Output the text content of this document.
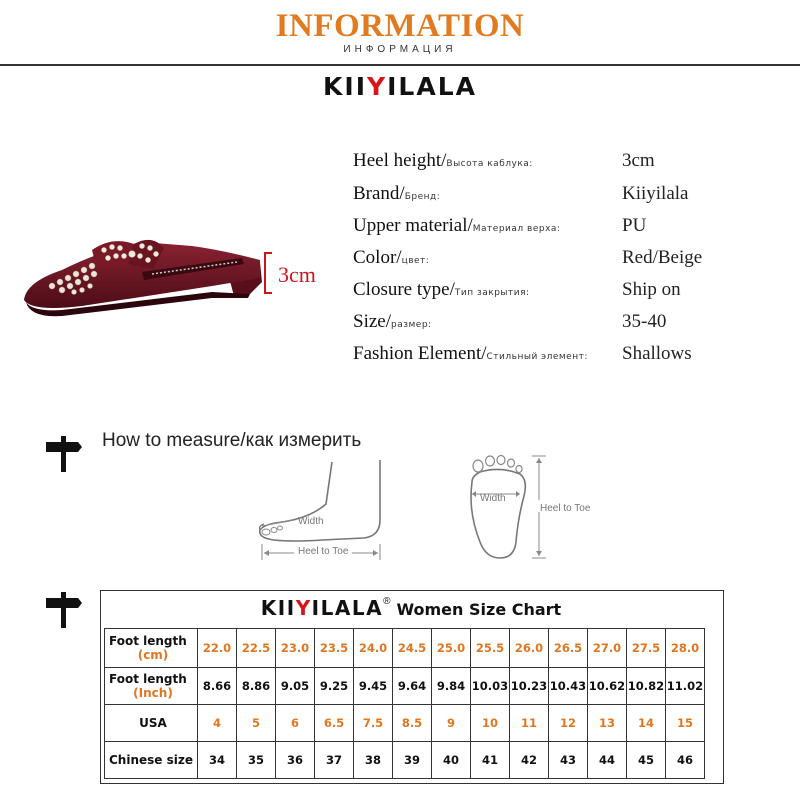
INFORMATION
ИНФОРМАЦИЯ
KIIYILALA
3cm
Heel height/Высота каблука:	3cm
Brand/Бренд:	Kiiyilala
Upper material/Материал верха:	PU
Color/цвет:	Red/Beige
Closure type/Тип закрытия:	Ship on
Size/размер:	35-40
Fashion Element/Стильный элемент: Shallows
How to measure/как измерить
Width
Heel to Toe
Width
Heel to Toe
KIIYILALA® Women Size Chart
Foot length
(cm)	22.0	22.5	23.0	23.5	24.0	24.5	25.0	25.5	26.0	26.5	27.0	27.5	28.0
Foot length
(Inch)	8.66	8.86	9.05	9.25	9.45	9.64	9.84	10.03	10.23	10.43	10.62	10.82	11.02
USA	4	5	6	6.5	7.5	8.5	9	10	11	12	13	14	15
Chinese size	34	35	36	37	38	39	40	41	42	43	44	45	46
